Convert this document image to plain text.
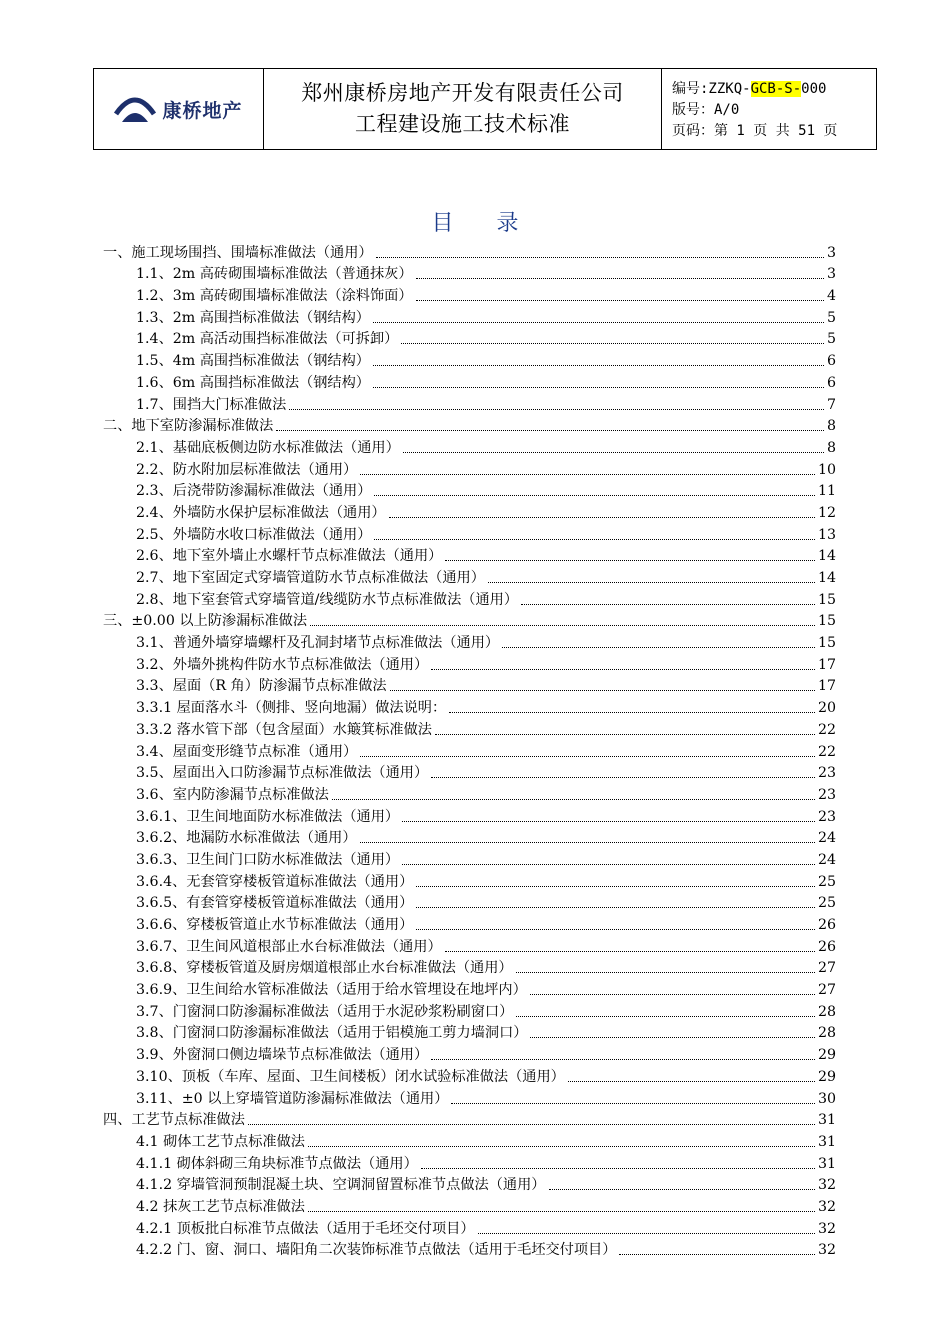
康桥地产
郑州康桥房地产开发有限责任公司
工程建设施工技术标准
编号:ZZKQ-GCB-S-000
版号：A/0
页码：第 1 页 共 51 页
目 录
一、施工现场围挡、围墙标准做法（通用）	3
1.1、2m 高砖砌围墙标准做法（普通抹灰）	3
1.2、3m 高砖砌围墙标准做法（涂料饰面）	4
1.3、2m 高围挡标准做法（钢结构）	5
1.4、2m 高活动围挡标准做法（可拆卸）	5
1.5、4m 高围挡标准做法（钢结构）	6
1.6、6m 高围挡标准做法（钢结构）	6
1.7、围挡大门标准做法	7
二、地下室防渗漏标准做法	8
2.1、基础底板侧边防水标准做法（通用）	8
2.2、防水附加层标准做法（通用）	10
2.3、后浇带防渗漏标准做法（通用）	11
2.4、外墙防水保护层标准做法（通用）	12
2.5、外墙防水收口标准做法（通用）	13
2.6、地下室外墙止水螺杆节点标准做法（通用）	14
2.7、地下室固定式穿墙管道防水节点标准做法（通用）	14
2.8、地下室套管式穿墙管道/线缆防水节点标准做法（通用）	15
三、±0.00 以上防渗漏标准做法	15
3.1、普通外墙穿墙螺杆及孔洞封堵节点标准做法（通用）	15
3.2、外墙外挑构件防水节点标准做法（通用）	17
3.3、屋面（R 角）防渗漏节点标准做法	17
3.3.1 屋面落水斗（侧排、竖向地漏）做法说明：	20
3.3.2 落水管下部（包含屋面）水簸箕标准做法	22
3.4、屋面变形缝节点标准（通用）	22
3.5、屋面出入口防渗漏节点标准做法（通用）	23
3.6、室内防渗漏节点标准做法	23
3.6.1、卫生间地面防水标准做法（通用）	23
3.6.2、地漏防水标准做法（通用）	24
3.6.3、卫生间门口防水标准做法（通用）	24
3.6.4、无套管穿楼板管道标准做法（通用）	25
3.6.5、有套管穿楼板管道标准做法（通用）	25
3.6.6、穿楼板管道止水节标准做法（通用）	26
3.6.7、卫生间风道根部止水台标准做法（通用）	26
3.6.8、穿楼板管道及厨房烟道根部止水台标准做法（通用）	27
3.6.9、卫生间给水管标准做法（适用于给水管埋设在地坪内）	27
3.7、门窗洞口防渗漏标准做法（适用于水泥砂浆粉刷窗口）	28
3.8、门窗洞口防渗漏标准做法（适用于铝模施工剪力墙洞口）	28
3.9、外窗洞口侧边墙垛节点标准做法（通用）	29
3.10、顶板（车库、屋面、卫生间楼板）闭水试验标准做法（通用）	29
3.11、±0 以上穿墙管道防渗漏标准做法（通用）	30
四、工艺节点标准做法	31
4.1 砌体工艺节点标准做法	31
4.1.1 砌体斜砌三角块标准节点做法（通用）	31
4.1.2 穿墙管洞预制混凝土块、空调洞留置标准节点做法（通用）	32
4.2 抹灰工艺节点标准做法	32
4.2.1 顶板批白标准节点做法（适用于毛坯交付项目）	32
4.2.2 门、窗、洞口、墙阳角二次装饰标准节点做法（适用于毛坯交付项目）	32
